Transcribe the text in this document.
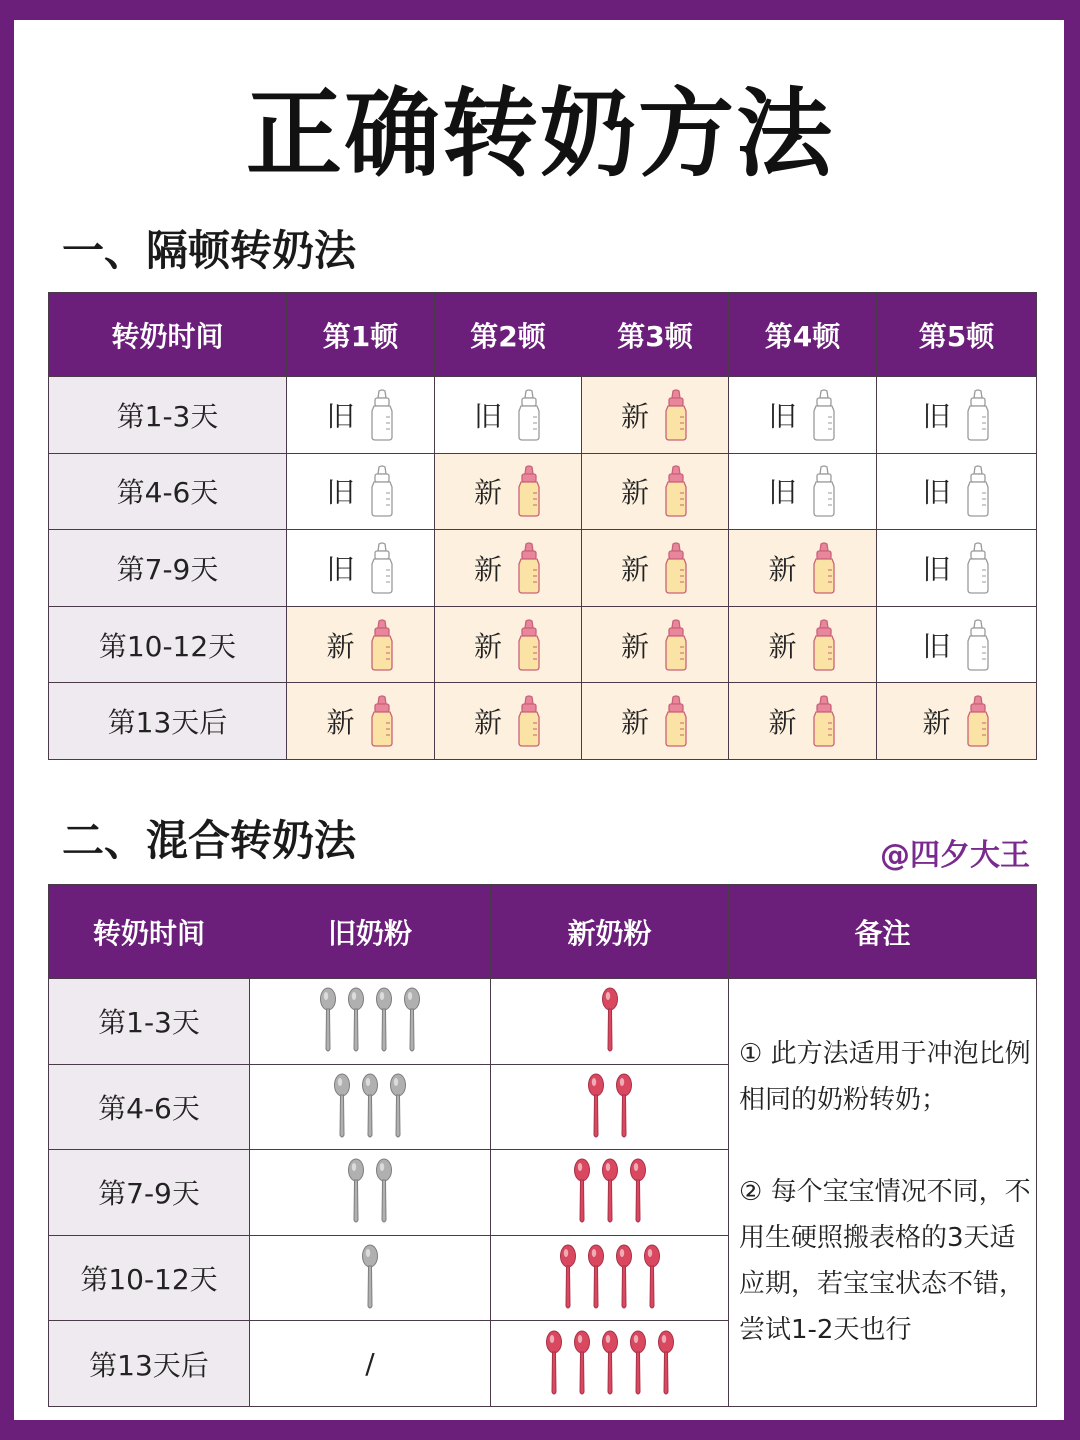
正确转奶方法
一、隔顿转奶法
转奶时间	第1顿	第2顿	第3顿	第4顿	第5顿
第1-3天	旧	旧	新	旧	旧

第4-6天	旧	新	新	旧	旧

第7-9天	旧	新	新	新	旧

第10-12天	新	新	新	新	旧

第13天后	新	新	新	新	新
二、混合转奶法	@四夕大王
转奶时间	旧奶粉	新奶粉	备注
第1-3天			① 此方法适用于冲泡比例相同的奶粉转奶；

② 每个宝宝情况不同，不用生硬照搬表格的3天适应期，若宝宝状态不错，尝试1-2天也行

第4-6天	

第7-9天	

第10-12天	

第13天后	/	
